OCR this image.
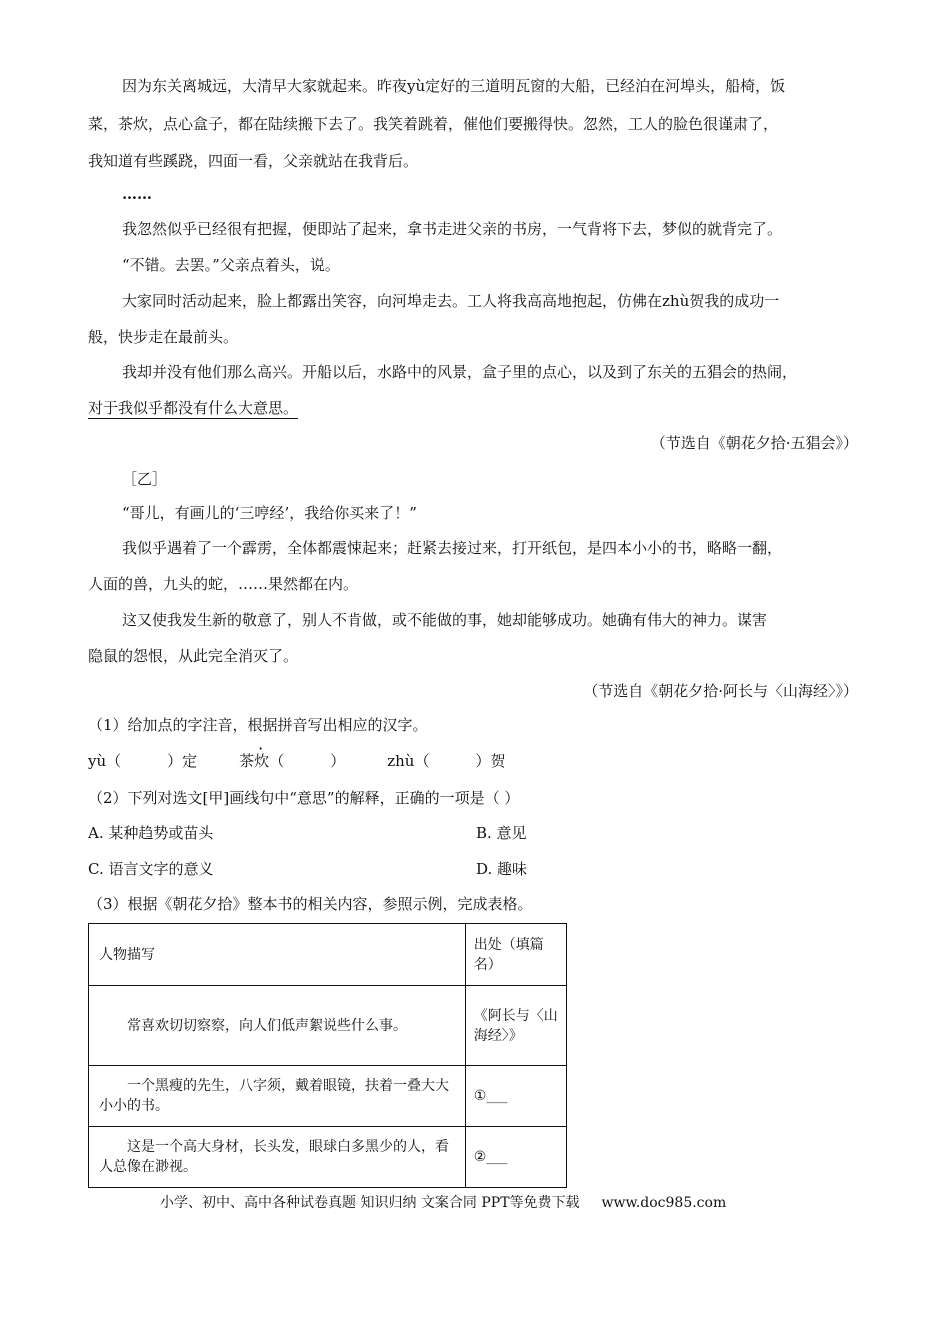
因为东关离城远，大清早大家就起来。昨夜yù定好的三道明瓦窗的大船，已经泊在河埠头，船椅，饭
菜，茶炊，点心盒子，都在陆续搬下去了。我笑着跳着，催他们要搬得快。忽然，工人的脸色很谨肃了，
我知道有些蹊跷，四面一看，父亲就站在我背后。
……
我忽然似乎已经很有把握，便即站了起来，拿书走进父亲的书房，一气背将下去，梦似的就背完了。
“不错。去罢。”父亲点着头，说。
大家同时活动起来，脸上都露出笑容，向河埠走去。工人将我高高地抱起，仿佛在zhù贺我的成功一
般，快步走在最前头。
我却并没有他们那么高兴。开船以后，水路中的风景，盒子里的点心，以及到了东关的五猖会的热闹，
对于我似乎都没有什么大意思。
（节选自《朝花夕拾·五猖会》）
［乙］
“哥儿，有画儿的‘三哼经’，我给你买来了！”
我似乎遇着了一个霹雳，全体都震悚起来；赶紧去接过来，打开纸包，是四本小小的书，略略一翻，
人面的兽，九头的蛇，……果然都在内。
这又使我发生新的敬意了，别人不肯做，或不能做的事，她却能够成功。她确有伟大的神力。谋害
隐鼠的怨恨，从此完全消灭了。
（节选自《朝花夕拾·阿长与〈山海经〉》）
（1）给加点的字注音，根据拼音写出相应的汉字。
yù（	）定	茶炊（	）	zhù（	）贺
（2）下列对选文[甲]画线句中“意思”的解释，正确的一项是（ ）
A. 某种趋势或苗头	B. 意见
C. 语言文字的意义	D. 趣味
（3）根据《朝花夕拾》整本书的相关内容，参照示例，完成表格。
人物描写	出处（填篇名）

常喜欢切切察察，向人们低声絮说些什么事。	《阿长与〈山海经〉》

一个黑瘦的先生，八字须，戴着眼镜，扶着一叠大大小小的书。	①___

这是一个高大身材，长头发，眼球白多黑少的人，看人总像在渺视。	②___
小学、初中、高中各种试卷真题 知识归纳 文案合同 PPT等免费下载 www.doc985.com
